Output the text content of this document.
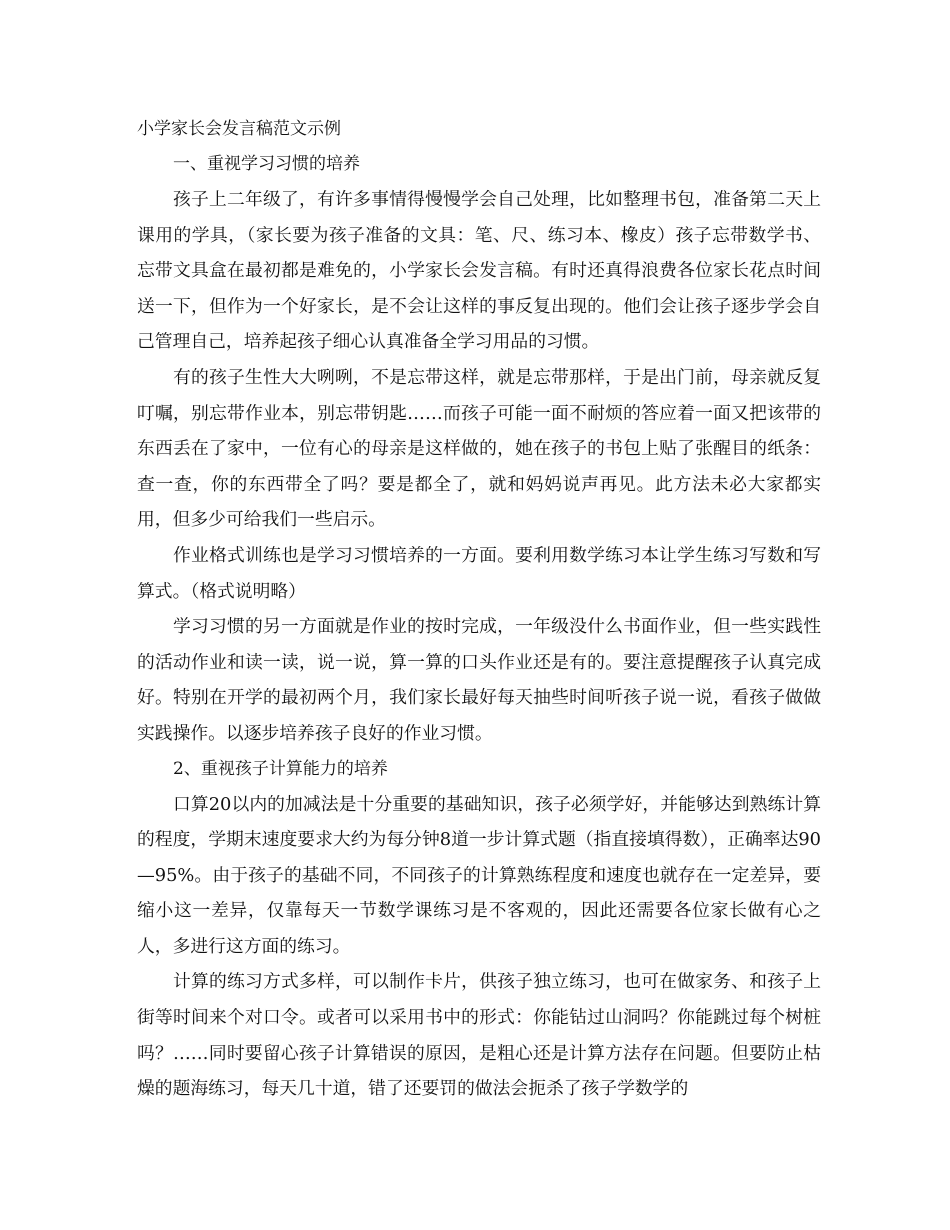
小学家长会发言稿范文示例
一、重视学习习惯的培养

孩子上二年级了，有许多事情得慢慢学会自己处理，比如整理书包，准备第二天上课用的学具，（家长要为孩子准备的文具：笔、尺、练习本、橡皮）孩子忘带数学书、忘带文具盒在最初都是难免的，小学家长会发言稿。有时还真得浪费各位家长花点时间送一下，但作为一个好家长，是不会让这样的事反复出现的。他们会让孩子逐步学会自己管理自己，培养起孩子细心认真准备全学习用品的习惯。

有的孩子生性大大咧咧，不是忘带这样，就是忘带那样，于是出门前，母亲就反复叮嘱，别忘带作业本，别忘带钥匙……而孩子可能一面不耐烦的答应着一面又把该带的东西丢在了家中，一位有心的母亲是这样做的，她在孩子的书包上贴了张醒目的纸条：查一查，你的东西带全了吗？要是都全了，就和妈妈说声再见。此方法未必大家都实用，但多少可给我们一些启示。

作业格式训练也是学习习惯培养的一方面。要利用数学练习本让学生练习写数和写算式。（格式说明略）

学习习惯的另一方面就是作业的按时完成，一年级没什么书面作业，但一些实践性的活动作业和读一读，说一说，算一算的口头作业还是有的。要注意提醒孩子认真完成好。特别在开学的最初两个月，我们家长最好每天抽些时间听孩子说一说，看孩子做做实践操作。以逐步培养孩子良好的作业习惯。

2、重视孩子计算能力的培养

口算20以内的加减法是十分重要的基础知识，孩子必须学好，并能够达到熟练计算的程度，学期末速度要求大约为每分钟8道一步计算式题（指直接填得数），正确率达90—95%。由于孩子的基础不同，不同孩子的计算熟练程度和速度也就存在一定差异，要缩小这一差异，仅靠每天一节数学课练习是不客观的，因此还需要各位家长做有心之人，多进行这方面的练习。

计算的练习方式多样，可以制作卡片，供孩子独立练习，也可在做家务、和孩子上街等时间来个对口令。或者可以采用书中的形式：你能钻过山洞吗？你能跳过每个树桩吗？……同时要留心孩子计算错误的原因，是粗心还是计算方法存在问题。但要防止枯燥的题海练习，每天几十道，错了还要罚的做法会扼杀了孩子学数学的
